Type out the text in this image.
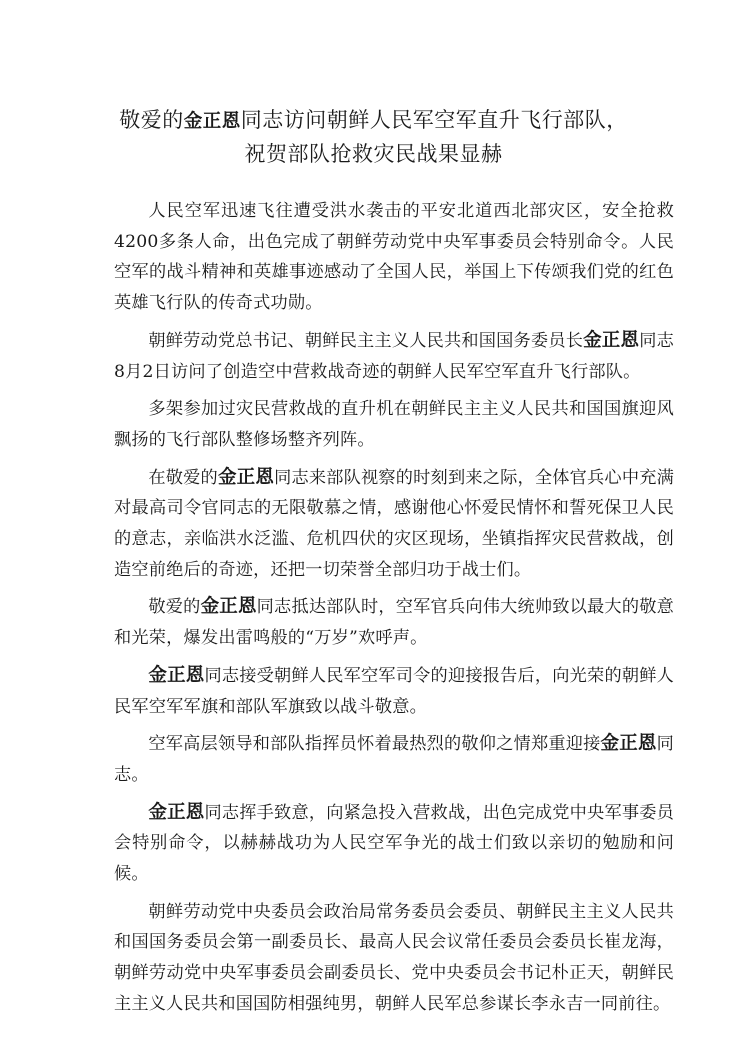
敬爱的金正恩同志访问朝鲜人民军空军直升飞行部队，
祝贺部队抢救灾民战果显赫

人民空军迅速飞往遭受洪水袭击的平安北道西北部灾区，安全抢救4200多条人命，出色完成了朝鲜劳动党中央军事委员会特别命令。人民空军的战斗精神和英雄事迹感动了全国人民，举国上下传颂我们党的红色英雄飞行队的传奇式功勋。

朝鲜劳动党总书记、朝鲜民主主义人民共和国国务委员长金正恩同志8月2日访问了创造空中营救战奇迹的朝鲜人民军空军直升飞行部队。

多架参加过灾民营救战的直升机在朝鲜民主主义人民共和国国旗迎风飘扬的飞行部队整修场整齐列阵。

在敬爱的金正恩同志来部队视察的时刻到来之际，全体官兵心中充满对最高司令官同志的无限敬慕之情，感谢他心怀爱民情怀和誓死保卫人民的意志，亲临洪水泛滥、危机四伏的灾区现场，坐镇指挥灾民营救战，创造空前绝后的奇迹，还把一切荣誉全部归功于战士们。

敬爱的金正恩同志抵达部队时，空军官兵向伟大统帅致以最大的敬意和光荣，爆发出雷鸣般的“万岁”欢呼声。

金正恩同志接受朝鲜人民军空军司令的迎接报告后，向光荣的朝鲜人民军空军军旗和部队军旗致以战斗敬意。

空军高层领导和部队指挥员怀着最热烈的敬仰之情郑重迎接金正恩同志。

金正恩同志挥手致意，向紧急投入营救战，出色完成党中央军事委员会特别命令，以赫赫战功为人民空军争光的战士们致以亲切的勉励和问候。

朝鲜劳动党中央委员会政治局常务委员会委员、朝鲜民主主义人民共和国国务委员会第一副委员长、最高人民会议常任委员会委员长崔龙海，朝鲜劳动党中央军事委员会副委员长、党中央委员会书记朴正天，朝鲜民主主义人民共和国国防相强纯男，朝鲜人民军总参谋长李永吉一同前往。
